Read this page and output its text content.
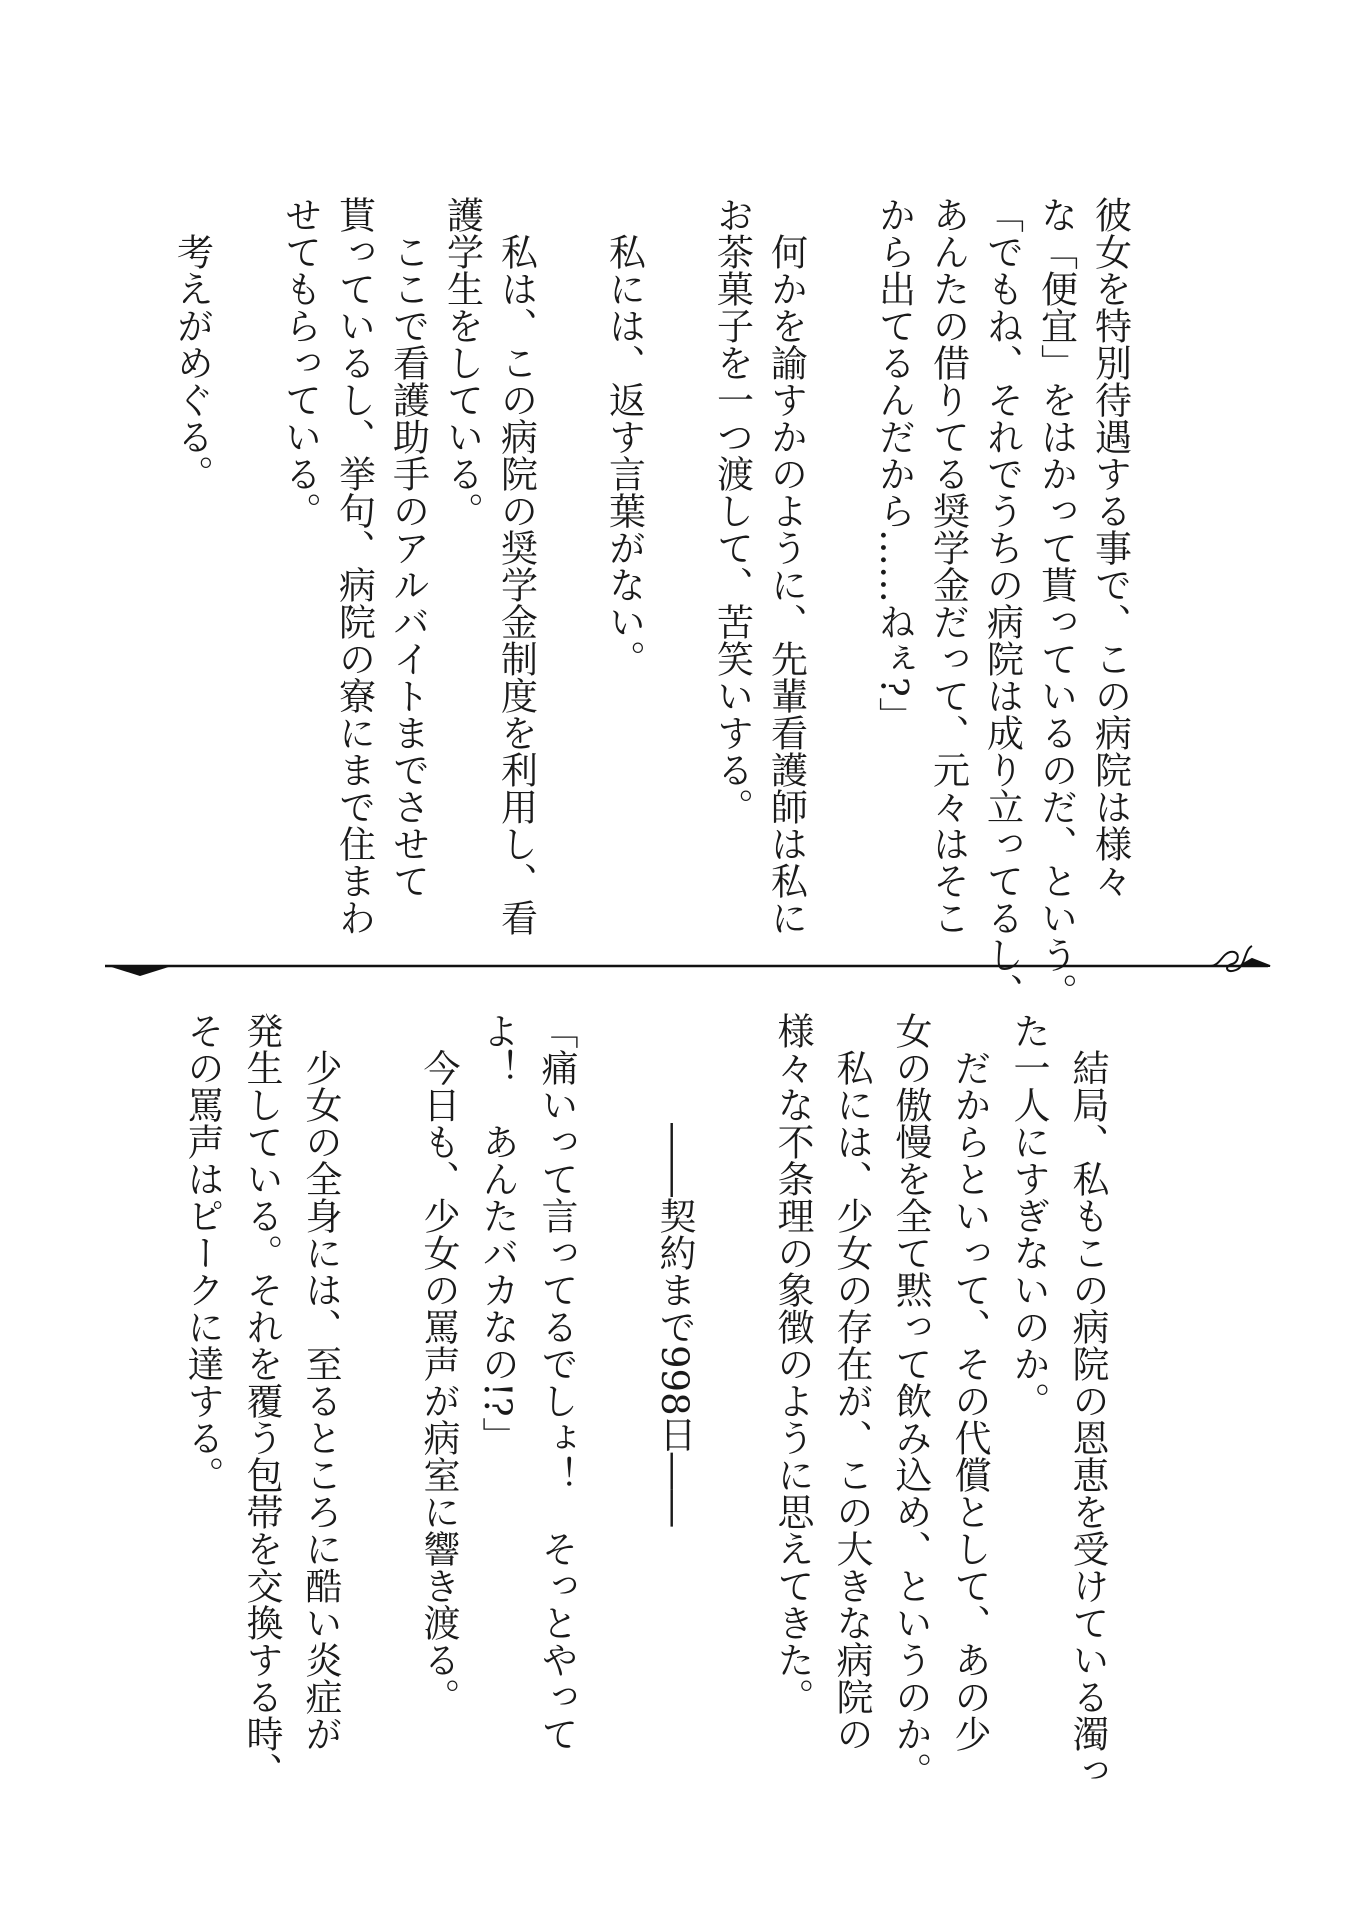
彼女を特別待遇する事で、この病院は様々
な「便宜」をはかって貰っているのだ、という。
「でもね、それでうちの病院は成り立ってるし、
あんたの借りてる奨学金だって、元々はそこ
から出てるんだから……ねぇ?」
　何かを諭すかのように、先輩看護師は私に
お茶菓子を一つ渡して、苦笑いする。
　私には、返す言葉がない。
　私は、この病院の奨学金制度を利用し、看
護学生をしている。
　ここで看護助手のアルバイトまでさせて
貰っているし、挙句、病院の寮にまで住まわ
せてもらっている。
　考えがめぐる。
　結局、私もこの病院の恩恵を受けている濁っ
た一人にすぎないのか。
　だからといって、その代償として、あの少
女の傲慢を全て黙って飲み込め、というのか。
　私には、少女の存在が、この大きな病院の
様々な不条理の象徴のように思えてきた。
　　　――契約まで998日――
「痛いって言ってるでしょ！　そっとやって
よ！　あんたバカなの!?」
　今日も、少女の罵声が病室に響き渡る。
　少女の全身には、至るところに酷い炎症が
発生している。それを覆う包帯を交換する時、
その罵声はピークに達する。
